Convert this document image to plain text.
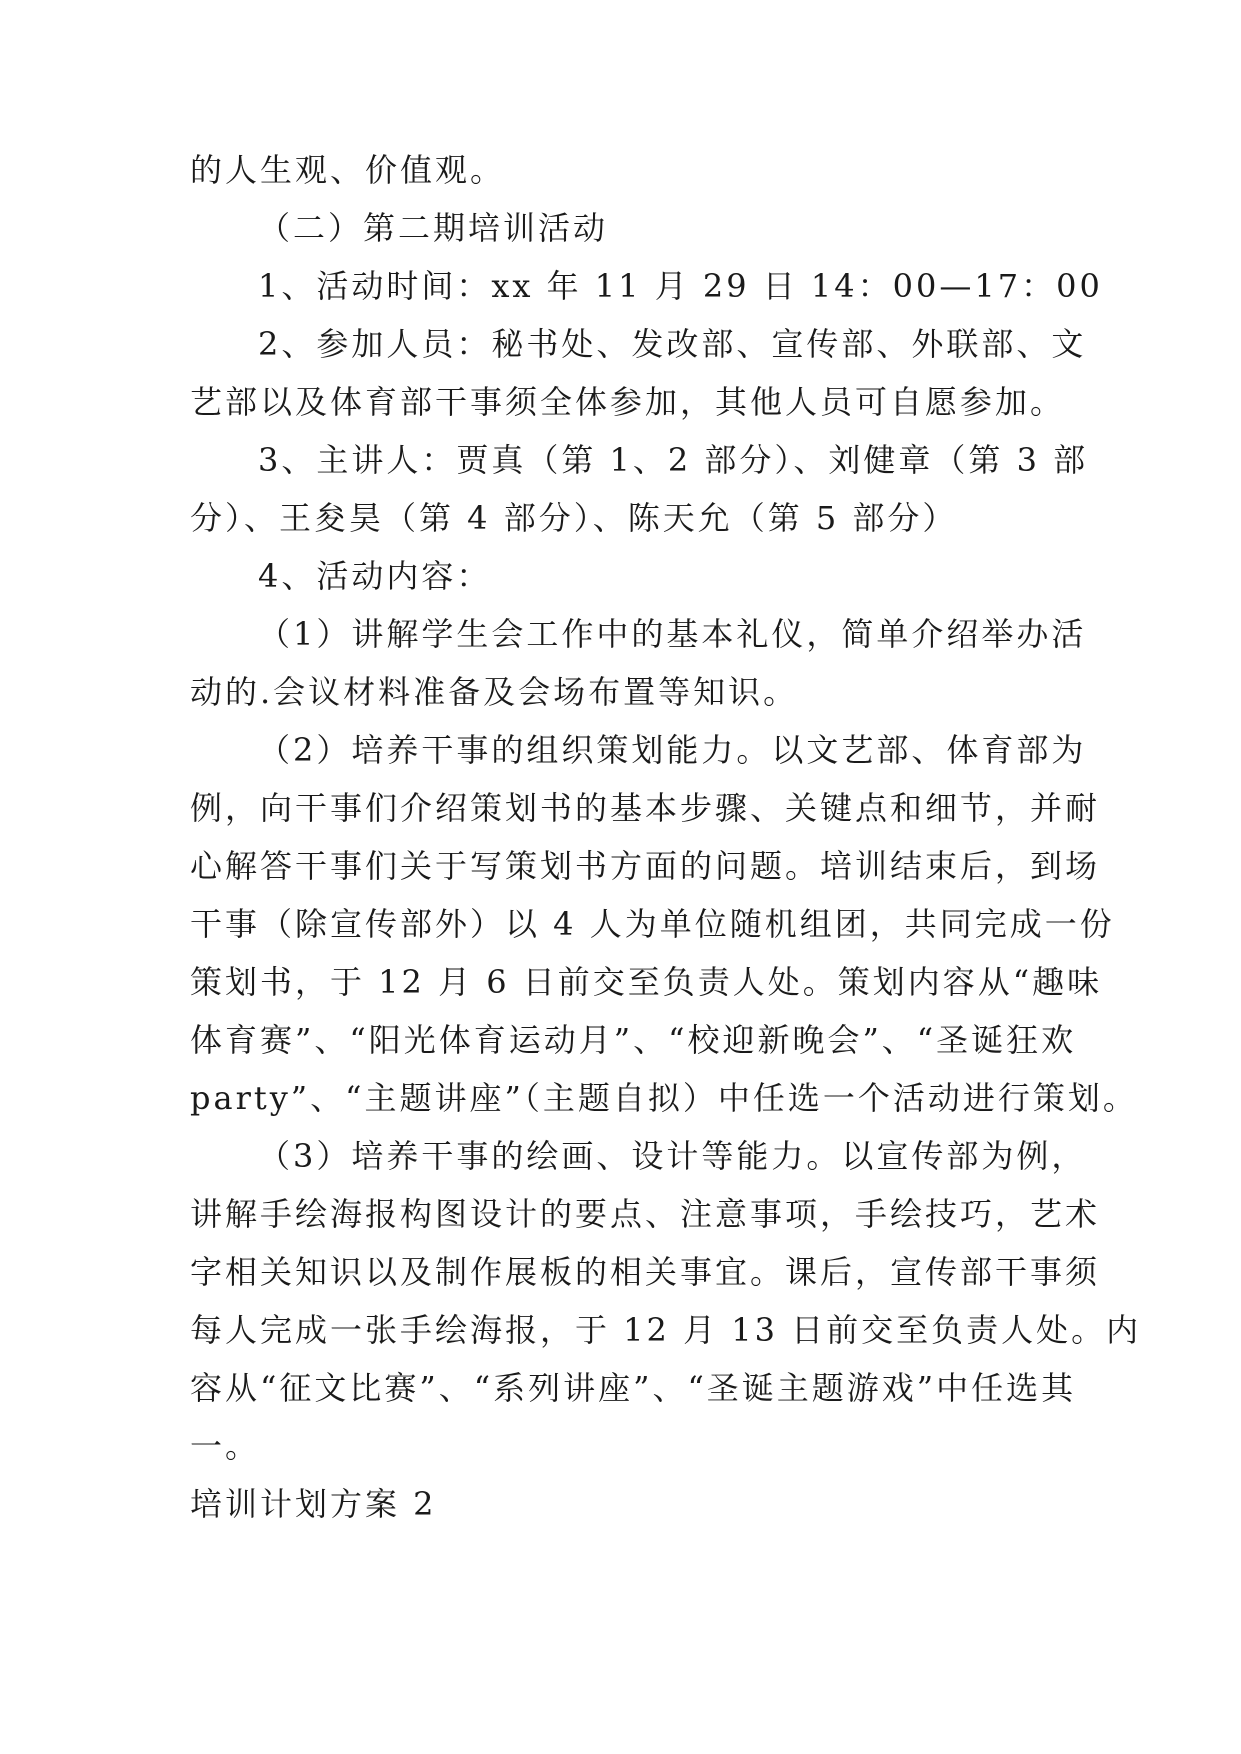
的人生观、价值观。
（二）第二期培训活动
1、活动时间：xx 年 11 月 29 日 14：00—17：00
2、参加人员：秘书处、发改部、宣传部、外联部、文
艺部以及体育部干事须全体参加，其他人员可自愿参加。
3、主讲人：贾真（第 1、2 部分）、刘健章（第 3 部
分）、王夋昊（第 4 部分）、陈天允（第 5 部分）
4、活动内容：
（1）讲解学生会工作中的基本礼仪，简单介绍举办活
动的.会议材料准备及会场布置等知识。
（2）培养干事的组织策划能力。以文艺部、体育部为
例，向干事们介绍策划书的基本步骤、关键点和细节，并耐
心解答干事们关于写策划书方面的问题。培训结束后，到场
干事（除宣传部外）以 4 人为单位随机组团，共同完成一份
策划书，于 12 月 6 日前交至负责人处。策划内容从“趣味
体育赛”、“阳光体育运动月”、“校迎新晚会”、“圣诞狂欢
party”、“主题讲座”（主题自拟）中任选一个活动进行策划。
（3）培养干事的绘画、设计等能力。以宣传部为例，
讲解手绘海报构图设计的要点、注意事项，手绘技巧，艺术
字相关知识以及制作展板的相关事宜。课后，宣传部干事须
每人完成一张手绘海报，于 12 月 13 日前交至负责人处。内
容从“征文比赛”、“系列讲座”、“圣诞主题游戏”中任选其
一。
培训计划方案 2
